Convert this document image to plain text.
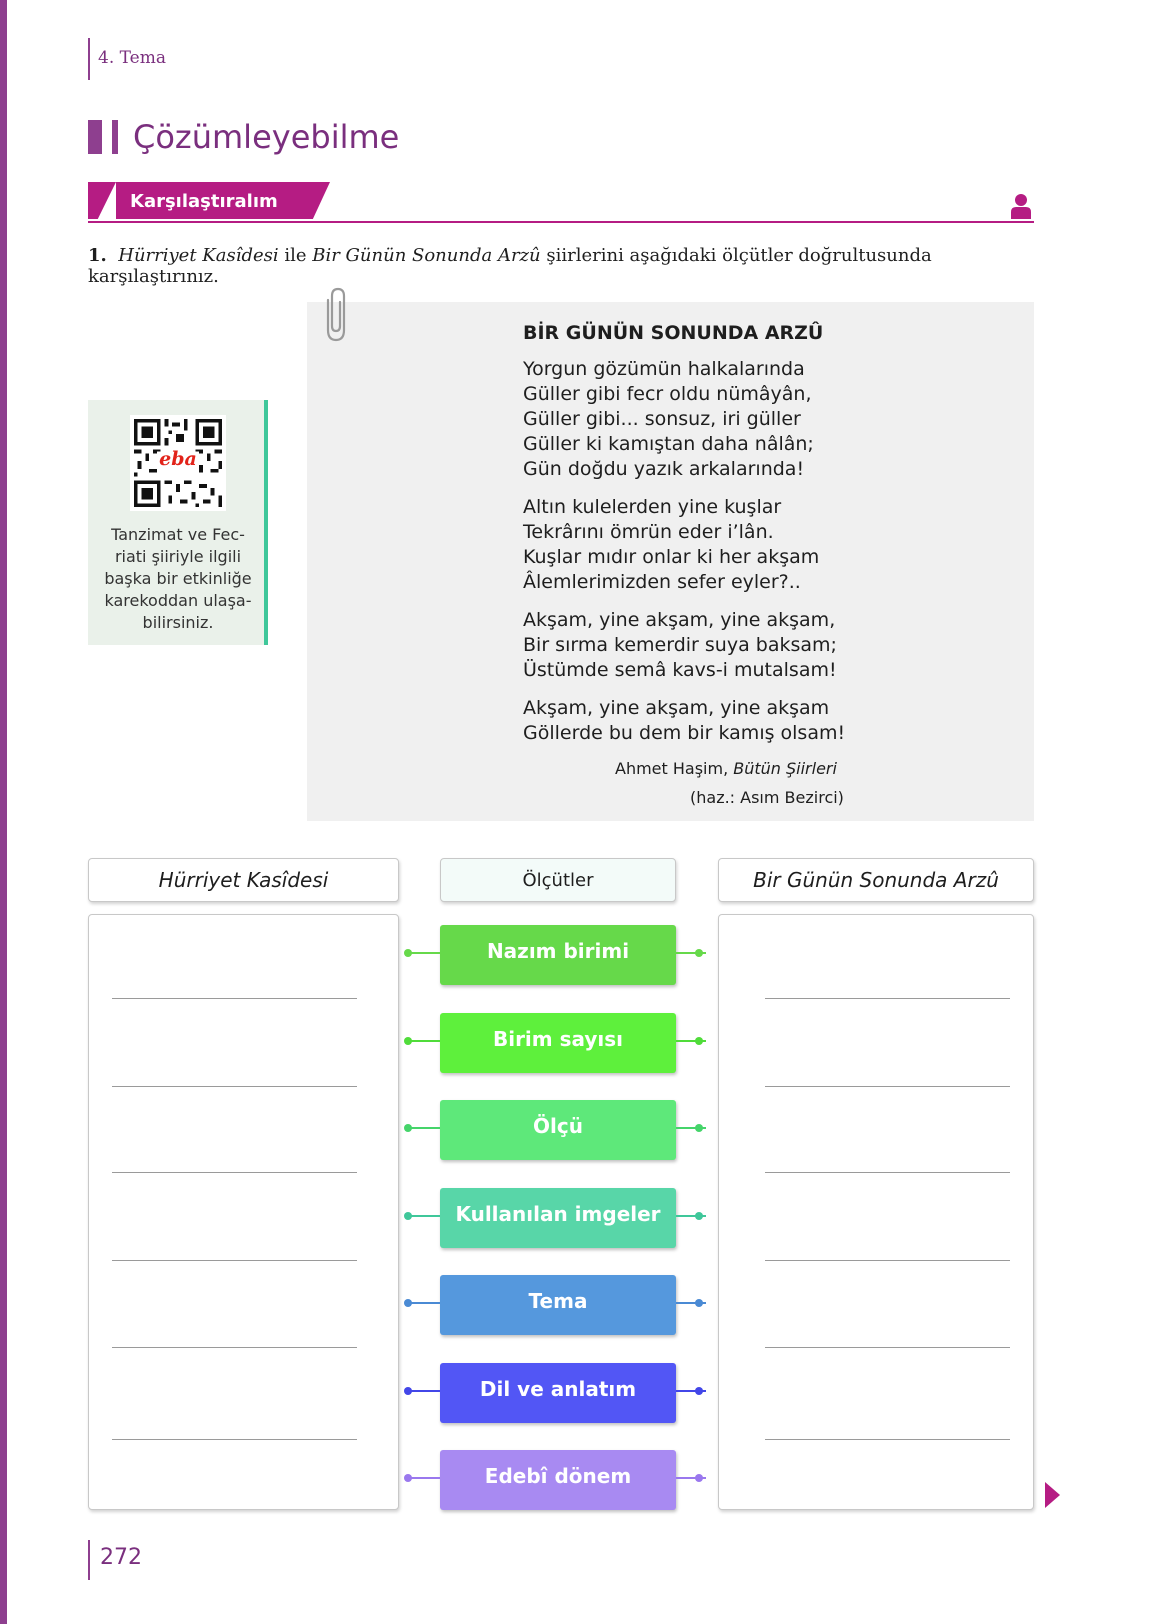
4. Tema
Çözümleyebilme
Karşılaştıralım
1. Hürriyet Kasîdesi ile Bir Günün Sonunda Arzû şiirlerini aşağıdaki ölçütler doğrultusunda karşılaştırınız.
BİR GÜNÜN SONUNDA ARZÛ
Yorgun gözümün halkalarında
Güller gibi fecr oldu nümâyân,
Güller gibi... sonsuz, iri güller
Güller ki kamıştan daha nâlân;
Gün doğdu yazık arkalarında!
Altın kulelerden yine kuşlar
Tekrârını ömrün eder i’lân.
Kuşlar mıdır onlar ki her akşam
Âlemlerimizden sefer eyler?..
Akşam, yine akşam, yine akşam,
Bir sırma kemerdir suya baksam;
Üstümde semâ kavs-i mutalsam!
Akşam, yine akşam, yine akşam
Göllerde bu dem bir kamış olsam!
Ahmet Haşim, Bütün Şiirleri
(haz.: Asım Bezirci)
eba
Tanzimat ve Fec-riati şiiriyle ilgili başka bir etkinliğe karekoddan ulaşa-bilirsiniz.
Hürriyet Kasîdesi	Ölçütler	Bir Günün Sonunda Arzû
Nazım birimi
Birim sayısı
Ölçü
Kullanılan imgeler
Tema
Dil ve anlatım
Edebî dönem
272
